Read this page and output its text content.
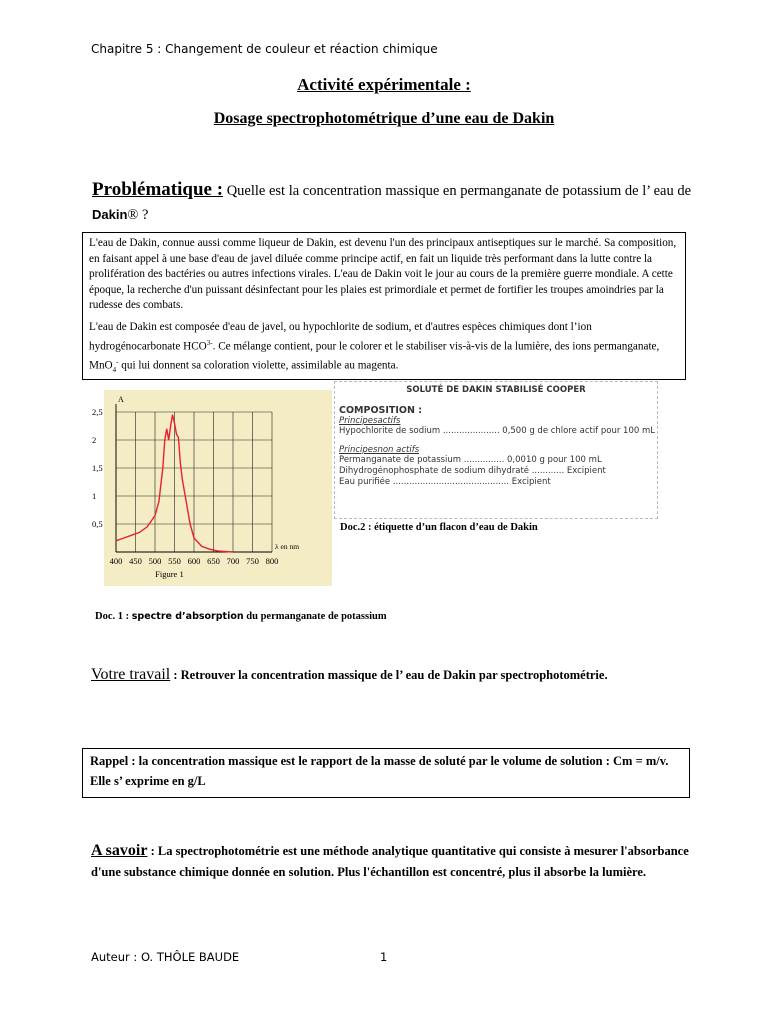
Chapitre 5 : Changement de couleur et réaction chimique
Activité expérimentale :
Dosage spectrophotométrique d’une eau de Dakin
Problématique : Quelle est la concentration massique en permanganate de potassium de l’ eau de Dakin® ?

L'eau de Dakin, connue aussi comme liqueur de Dakin, est devenu l'un des principaux antiseptiques sur le marché. Sa composition, en faisant appel à une base d'eau de javel diluée comme principe actif, en fait un liquide très performant dans la lutte contre la prolifération des bactéries ou autres infections virales. L'eau de Dakin voit le jour au cours de la première guerre mondiale. A cette époque, la recherche d'un puissant désinfectant pour les plaies est primordiale et permet de fortifier les troupes amoindries par la rudesse des combats.

L'eau de Dakin est composée d'eau de javel, ou hypochlorite de sodium, et d'autres espèces chimiques dont l’ion hydrogénocarbonate $HCO^{3-}$. Ce mélange contient, pour le colorer et le stabiliser vis-à-vis de la lumière, des ions permanganate, MnO$_4$- qui lui donnent sa coloration violette, assimilable au magenta.

400 450 500 550 600 650 700 750 800
0,5
1
1,5
2
2,5
A
λ en nm
Figure 1
SOLUTÉ DE DAKIN STABILISÉ COOPER
COMPOSITION :
Principesactifs
Hypochlorite de sodium ..................... 0,500 g de chlore actif pour 100 mL
Principesnon actifs
Permanganate de potassium ............... 0,0010 g pour 100 mL
Dihydrogénophosphate de sodium dihydraté ............ Excipient
Eau purifiée ........................................... Excipient
Doc.2 : étiquette d’un flacon d’eau de Dakin
Doc. 1 : spectre d’absorption du permanganate de potassium
Votre travail : Retrouver la concentration massique de l’ eau de Dakin par spectrophotométrie.
Rappel : la concentration massique est le rapport de la masse de soluté par le volume de solution : Cm = m/v. Elle s’ exprime en g/L
A savoir : La spectrophotométrie est une méthode analytique quantitative qui consiste à mesurer l'absorbance d'une substance chimique donnée en solution. Plus l'échantillon est concentré, plus il absorbe la lumière.
Auteur : O. THÔLE BAUDE	1
